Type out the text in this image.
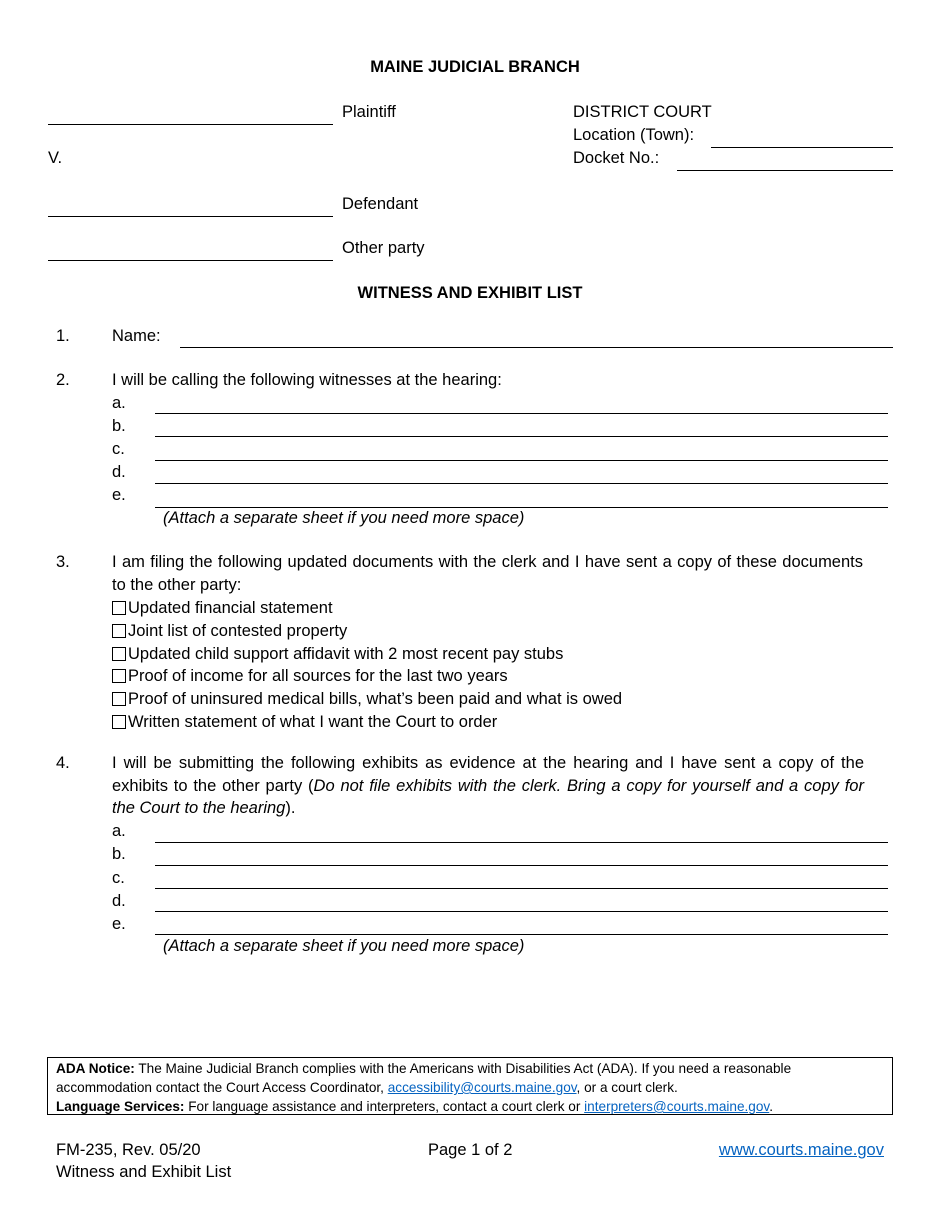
MAINE JUDICIAL BRANCH
Plaintiff
V.
DISTRICT COURT
Location (Town):
Docket No.:
Defendant
Other party
WITNESS AND EXHIBIT LIST
1.	Name:
2.	I will be calling the following witnesses at the hearing:
a.
b.
c.
d.
e.
(Attach a separate sheet if you need more space)
3.	I am filing the following updated documents with the clerk and I have sent a copy of these documents to the other party:
Updated financial statement
Joint list of contested property
Updated child support affidavit with 2 most recent pay stubs
Proof of income for all sources for the last two years
Proof of uninsured medical bills, what’s been paid and what is owed
Written statement of what I want the Court to order
4.	I will be submitting the following exhibits as evidence at the hearing and I have sent a copy of the exhibits to the other party (Do not file exhibits with the clerk. Bring a copy for yourself and a copy for the Court to the hearing).
a.
b.
c.
d.
e.
(Attach a separate sheet if you need more space)
ADA Notice: The Maine Judicial Branch complies with the Americans with Disabilities Act (ADA). If you need a reasonable accommodation contact the Court Access Coordinator, accessibility@courts.maine.gov, or a court clerk.
Language Services: For language assistance and interpreters, contact a court clerk or interpreters@courts.maine.gov.
FM-235, Rev. 05/20
Witness and Exhibit List
Page 1 of 2	www.courts.maine.gov
